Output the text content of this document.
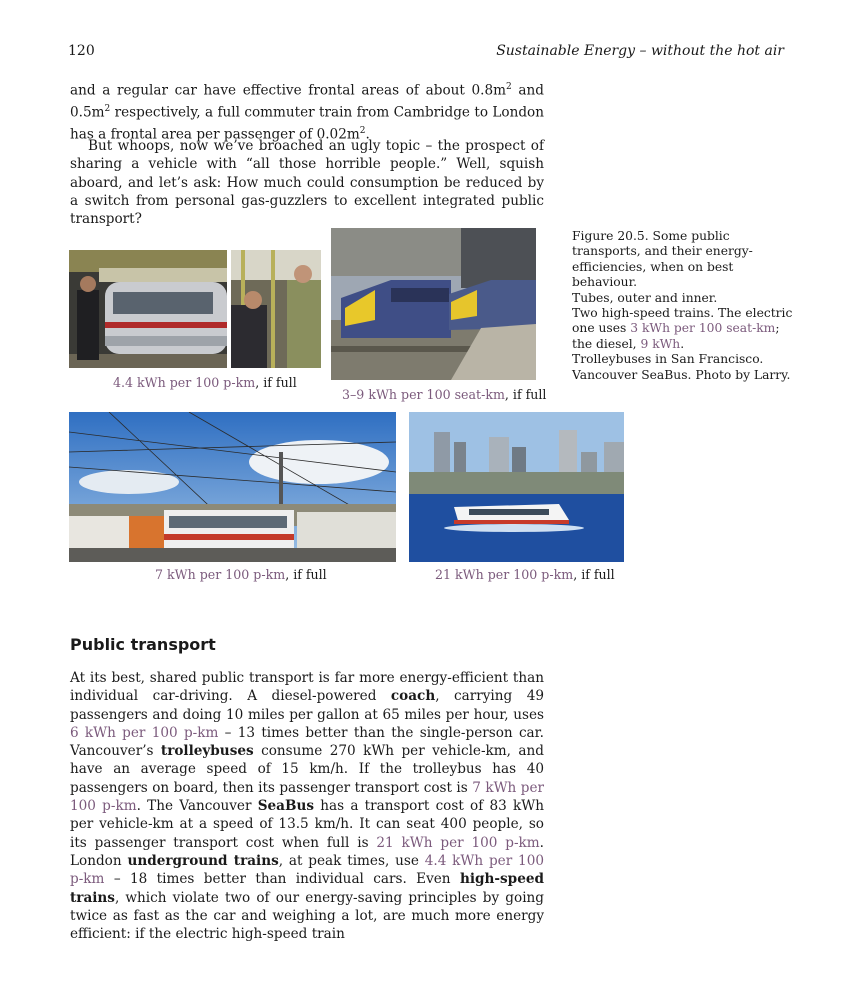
120	Sustainable Energy – without the hot air

and a regular car have effective frontal areas of about $0.8m^2$ and $0.5m^2$ respectively, a full commuter train from Cambridge to London has a frontal area per passenger of $0.02m^2$.

But whoops, now we’ve broached an ugly topic – the prospect of sharing a vehicle with “all those horrible people.” Well, squish aboard, and let’s ask: How much could consumption be reduced by a switch from personal gas-guzzlers to excellent integrated public transport?

4.4 kWh per 100 p-km, if full
3–9 kWh per 100 seat-km, if full
Figure 20.5. Some public transports, and their energy-efficiencies, when on best behaviour.
Tubes, outer and inner.
Two high-speed trains. The electric one uses 3 kWh per 100 seat-km; the diesel, 9 kWh.
Trolleybuses in San Francisco.
Vancouver SeaBus. Photo by Larry.
7 kWh per 100 p-km, if full	21 kWh per 100 p-km, if full
Public transport

At its best, shared public transport is far more energy-efficient than individual car-driving. A diesel-powered coach, carrying 49 passengers and doing 10 miles per gallon at 65 miles per hour, uses 6 kWh per 100 p-km – 13 times better than the single-person car. Vancouver’s trolleybuses consume 270 kWh per vehicle-km, and have an average speed of 15 km/h. If the trolleybus has 40 passengers on board, then its passenger transport cost is 7 kWh per 100 p-km. The Vancouver SeaBus has a transport cost of 83 kWh per vehicle-km at a speed of 13.5 km/h. It can seat 400 people, so its passenger transport cost when full is 21 kWh per 100 p-km. London underground trains, at peak times, use 4.4 kWh per 100 p-km – 18 times better than individual cars. Even high-speed trains, which violate two of our energy-saving principles by going twice as fast as the car and weighing a lot, are much more energy efficient: if the electric high-speed train
